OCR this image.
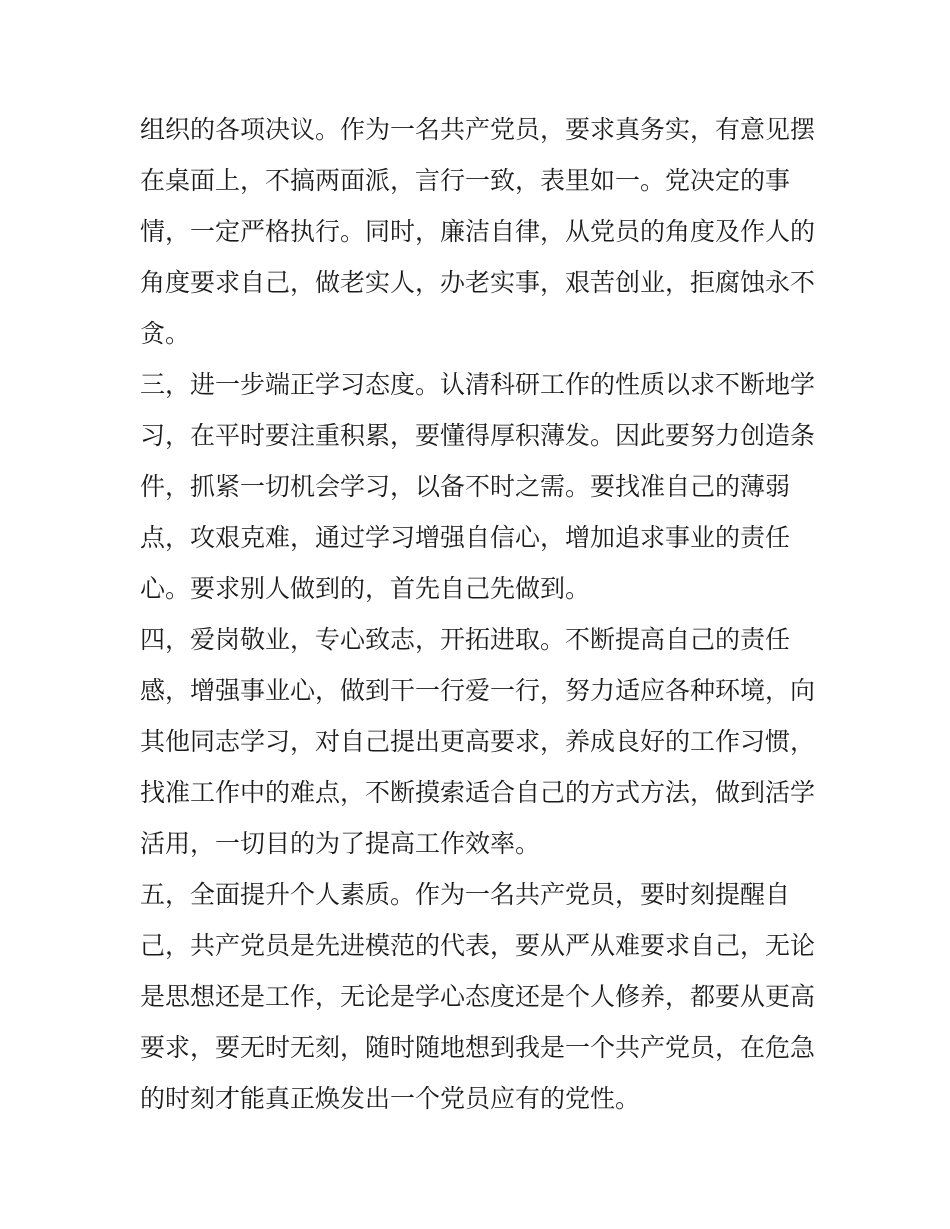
组织的各项决议。作为一名共产党员，要求真务实，有意见摆
在桌面上，不搞两面派，言行一致，表里如一。党决定的事
情，一定严格执行。同时，廉洁自律，从党员的角度及作人的
角度要求自己，做老实人，办老实事，艰苦创业，拒腐蚀永不
贪。
三，进一步端正学习态度。认清科研工作的性质以求不断地学
习，在平时要注重积累，要懂得厚积薄发。因此要努力创造条
件，抓紧一切机会学习，以备不时之需。要找准自己的薄弱
点，攻艰克难，通过学习增强自信心，增加追求事业的责任
心。要求别人做到的，首先自己先做到。
四，爱岗敬业，专心致志，开拓进取。不断提高自己的责任
感，增强事业心，做到干一行爱一行，努力适应各种环境，向
其他同志学习，对自己提出更高要求，养成良好的工作习惯，
找准工作中的难点，不断摸索适合自己的方式方法，做到活学
活用，一切目的为了提高工作效率。
五，全面提升个人素质。作为一名共产党员，要时刻提醒自
己，共产党员是先进模范的代表，要从严从难要求自己，无论
是思想还是工作，无论是学心态度还是个人修养，都要从更高
要求，要无时无刻，随时随地想到我是一个共产党员，在危急
的时刻才能真正焕发出一个党员应有的党性。
